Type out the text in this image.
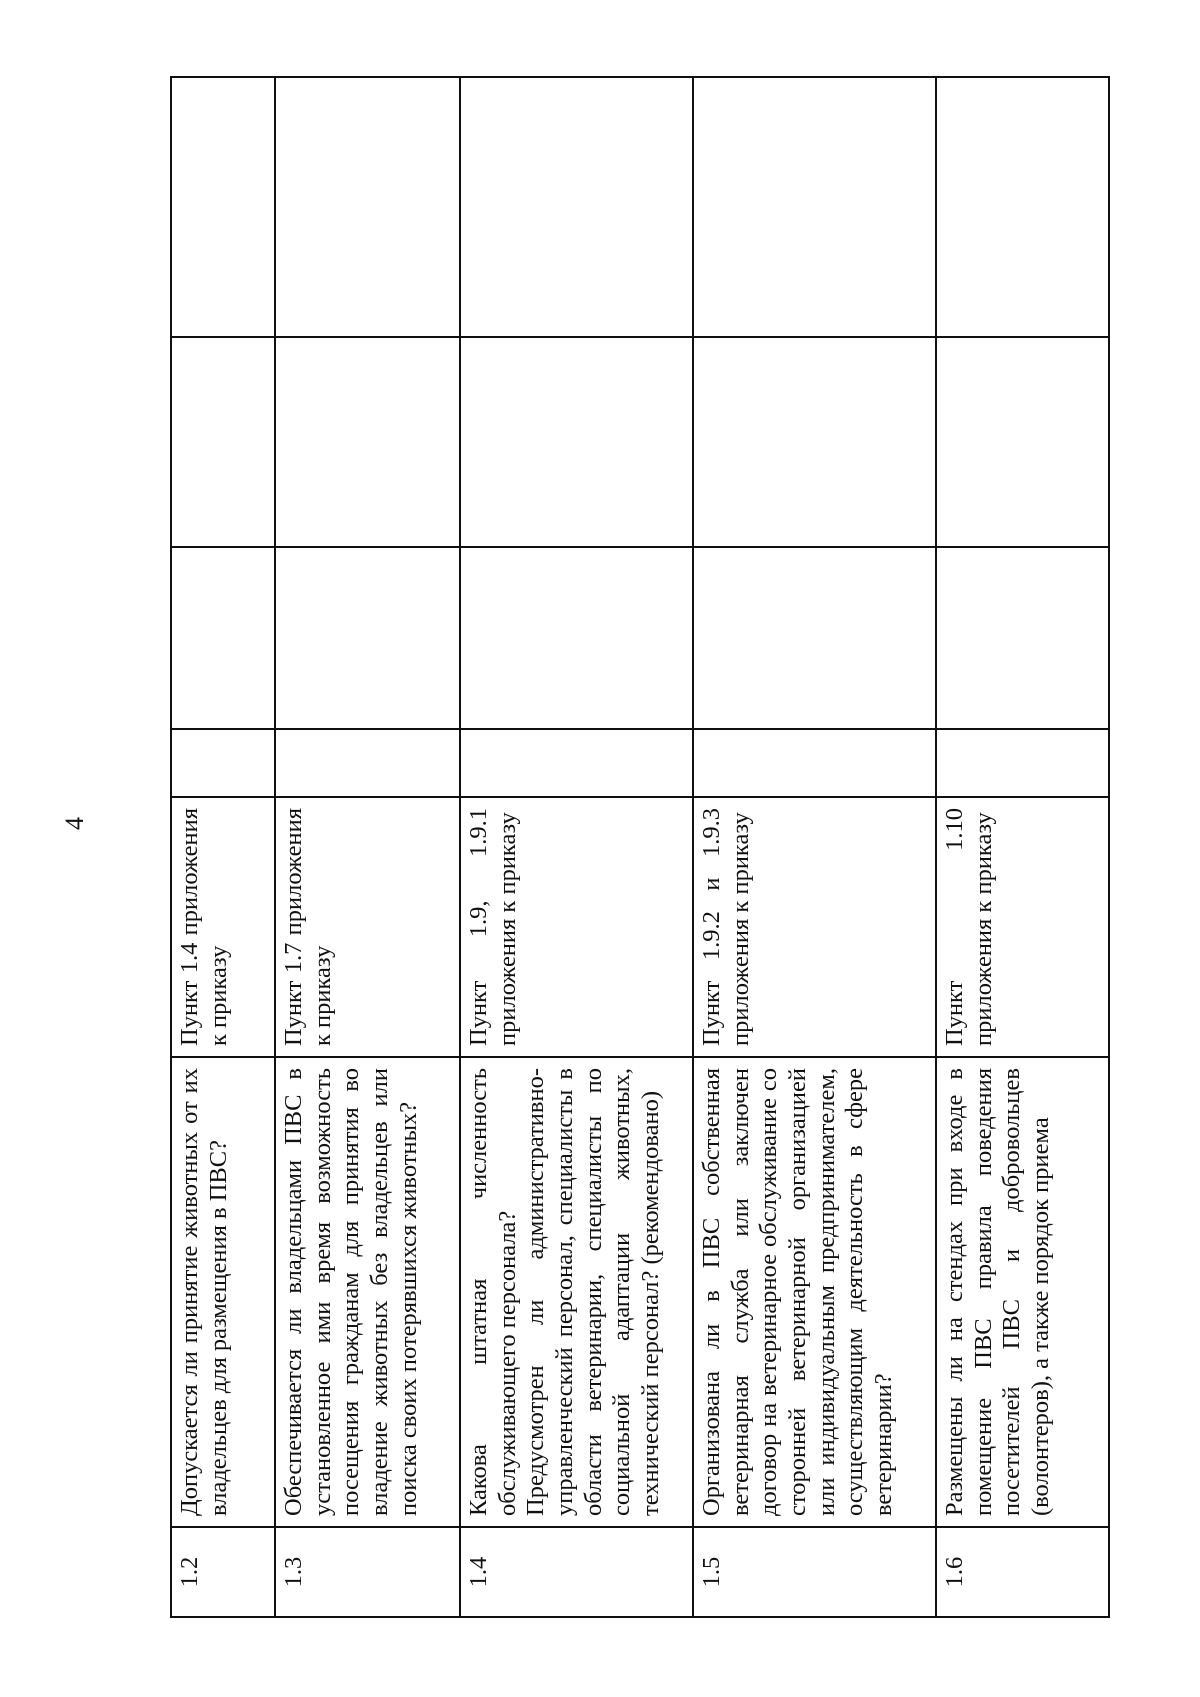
4
1.2	Допускается ли принятие животных от их владельцев для размещения в ПВС?	Пункт 1.4 приложения к приказу				
1.3	Обеспечивается ли владельцами ПВС в установленное ими время возможность посещения гражданам для принятия во владение животных без владельцев или поиска своих потерявшихся животных?	Пункт 1.7 приложения к приказу				
1.4	Какова штатная численность обслуживающего персонала? Предусмотрен ли административно-управленческий персонал, специалисты в области ветеринарии, специалисты по социальной адаптации животных, технический персонал? (рекомендовано)	Пункт 1.9, 1.9.1 приложения к приказу				
1.5	Организована ли в ПВС собственная ветеринарная служба или заключен договор на ветеринарное обслуживание со сторонней ветеринарной организацией или индивидуальным предпринимателем, осуществляющим деятельность в сфере ветеринарии?	Пункт 1.9.2 и 1.9.3 приложения к приказу				
1.6	Размещены ли на стендах при входе в помещение ПВС правила поведения посетителей ПВС и добровольцев (волонтеров), а также порядок приема	Пункт 1.10 приложения к приказу				
